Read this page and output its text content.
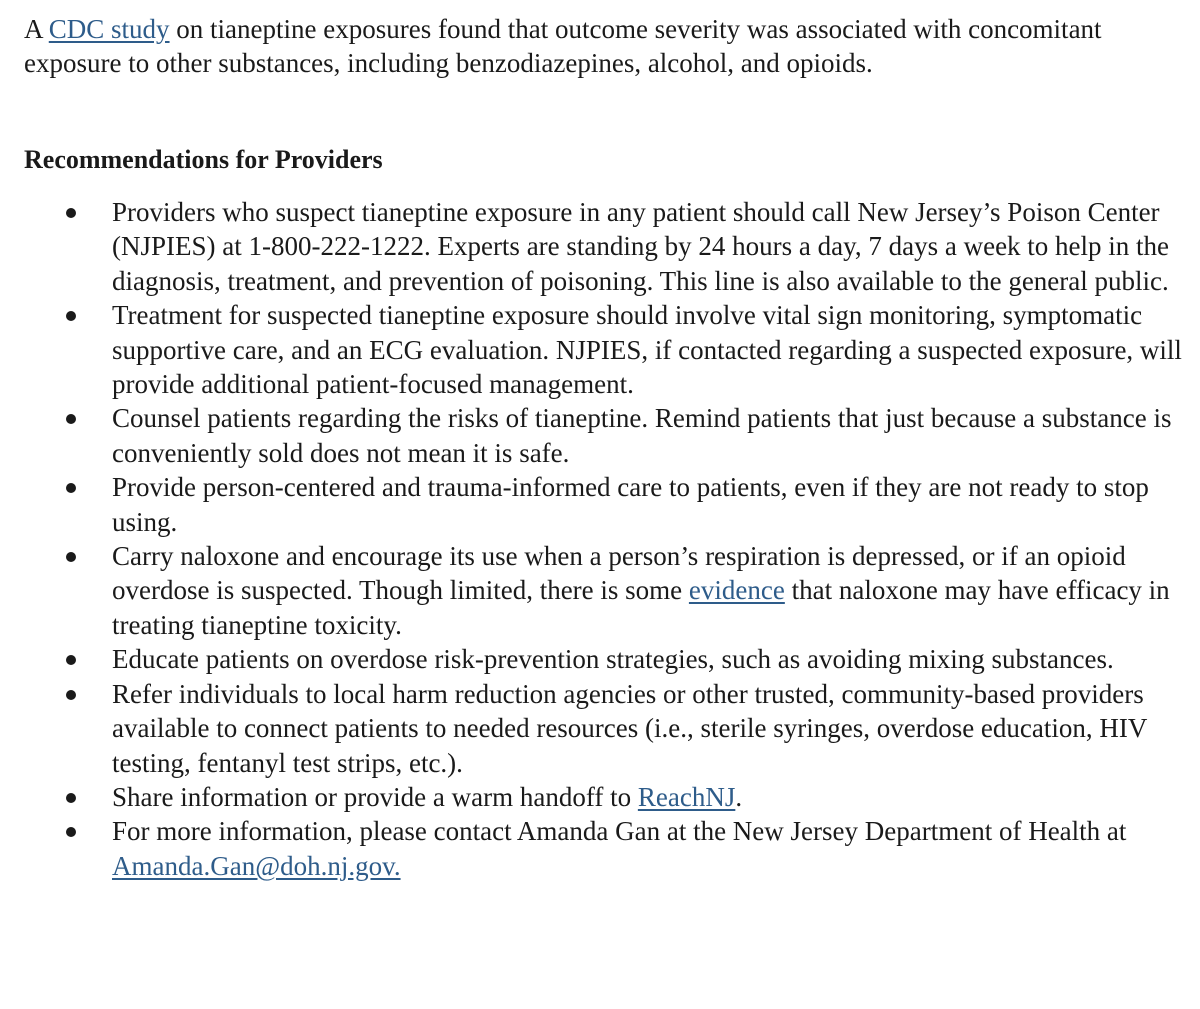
A CDC study on tianeptine exposures found that outcome severity was associated with concomitant exposure to other substances, including benzodiazepines, alcohol, and opioids.

Recommendations for Providers
Providers who suspect tianeptine exposure in any patient should call New Jersey’s Poison Center (NJPIES) at 1-800-222-1222. Experts are standing by 24 hours a day, 7 days a week to help in the diagnosis, treatment, and prevention of poisoning. This line is also available to the general public.
Treatment for suspected tianeptine exposure should involve vital sign monitoring, symptomatic supportive care, and an ECG evaluation. NJPIES, if contacted regarding a suspected exposure, will provide additional patient-focused management.
Counsel patients regarding the risks of tianeptine. Remind patients that just because a substance is conveniently sold does not mean it is safe.
Provide person-centered and trauma-informed care to patients, even if they are not ready to stop using.
Carry naloxone and encourage its use when a person’s respiration is depressed, or if an opioid overdose is suspected. Though limited, there is some evidence that naloxone may have efficacy in treating tianeptine toxicity.
Educate patients on overdose risk-prevention strategies, such as avoiding mixing substances.
Refer individuals to local harm reduction agencies or other trusted, community-based providers available to connect patients to needed resources (i.e., sterile syringes, overdose education, HIV testing, fentanyl test strips, etc.).
Share information or provide a warm handoff to ReachNJ.
For more information, please contact Amanda Gan at the New Jersey Department of Health at Amanda.Gan@doh.nj.gov.
